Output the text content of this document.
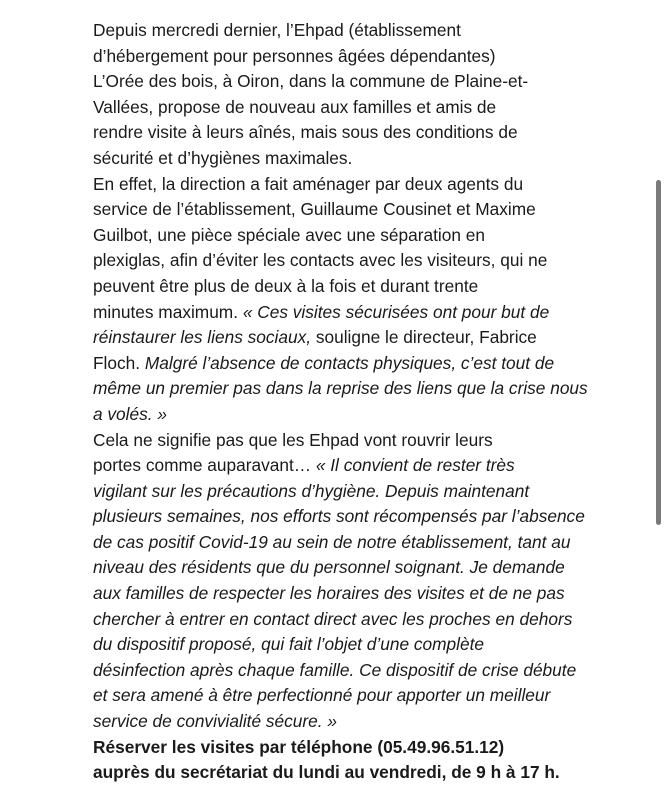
Depuis mercredi dernier, l’Ehpad (établissement
d’hébergement pour personnes âgées dépendantes)
L’Orée des bois, à Oiron, dans la commune de Plaine-et-
Vallées, propose de nouveau aux familles et amis de
rendre visite à leurs aînés, mais sous des conditions de
sécurité et d’hygiènes maximales.
En effet, la direction a fait aménager par deux agents du
service de l’établissement, Guillaume Cousinet et Maxime
Guilbot, une pièce spéciale avec une séparation en
plexiglas, afin d’éviter les contacts avec les visiteurs, qui ne
peuvent être plus de deux à la fois et durant trente
minutes maximum. « Ces visites sécurisées ont pour but de
réinstaurer les liens sociaux, souligne le directeur, Fabrice
Floch. Malgré l’absence de contacts physiques, c’est tout de
même un premier pas dans la reprise des liens que la crise nous
a volés. »
Cela ne signifie pas que les Ehpad vont rouvrir leurs
portes comme auparavant… « Il convient de rester très
vigilant sur les précautions d’hygiène. Depuis maintenant
plusieurs semaines, nos efforts sont récompensés par l’absence
de cas positif Covid-19 au sein de notre établissement, tant au
niveau des résidents que du personnel soignant. Je demande
aux familles de respecter les horaires des visites et de ne pas
chercher à entrer en contact direct avec les proches en dehors
du dispositif proposé, qui fait l’objet d’une complète
désinfection après chaque famille. Ce dispositif de crise débute
et sera amené à être perfectionné pour apporter un meilleur
service de convivialité sécure. »
Réserver les visites par téléphone (05.49.96.51.12)
auprès du secrétariat du lundi au vendredi, de 9 h à 17 h.
